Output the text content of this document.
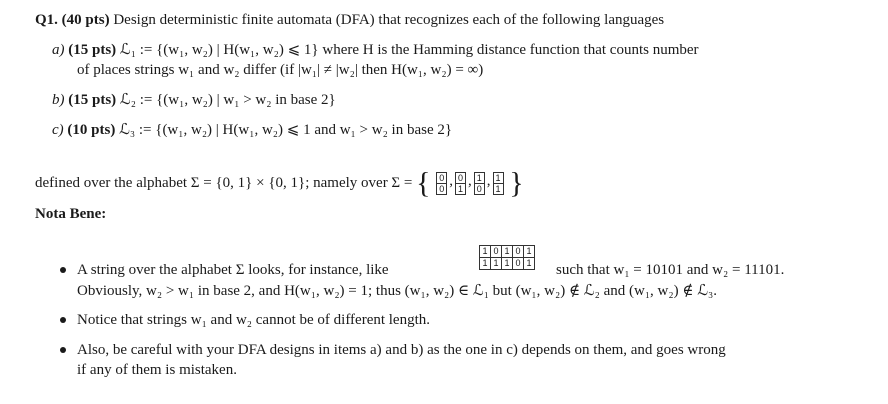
Q1. (40 pts) Design deterministic finite automata (DFA) that recognizes each of the following languages
a) (15 pts) ℒ₁ := {(w₁, w₂) | H(w₁, w₂) ⩽ 1} where H is the Hamming distance function that counts number
of places strings w₁ and w₂ differ (if |w₁| ≠ |w₂| then H(w₁, w₂) = ∞)
b) (15 pts) ℒ₂ := {(w₁, w₂) | w₁ > w₂ in base 2}
c) (10 pts) ℒ₃ := {(w₁, w₂) | H(w₁, w₂) ⩽ 1 and w₁ > w₂ in base 2}
defined over the alphabet Σ = {0, 1} × {0, 1}; namely over Σ = { 0
0 , 0
1 , 1
0 , 1
1 }
Nota Bene:
1 0 1 0 1
1 1 1 0 1
A string over the alphabet Σ looks, for instance, like	such that w₁ = 10101 and w₂ = 11101.
Obviously, w₂ > w₁ in base 2, and H(w₁, w₂) = 1; thus (w₁, w₂) ∈ ℒ₁ but (w₁, w₂) ∉ ℒ₂ and (w₁, w₂) ∉ ℒ₃.
Notice that strings w₁ and w₂ cannot be of different length.
Also, be careful with your DFA designs in items a) and b) as the one in c) depends on them, and goes wrong
if any of them is mistaken.
